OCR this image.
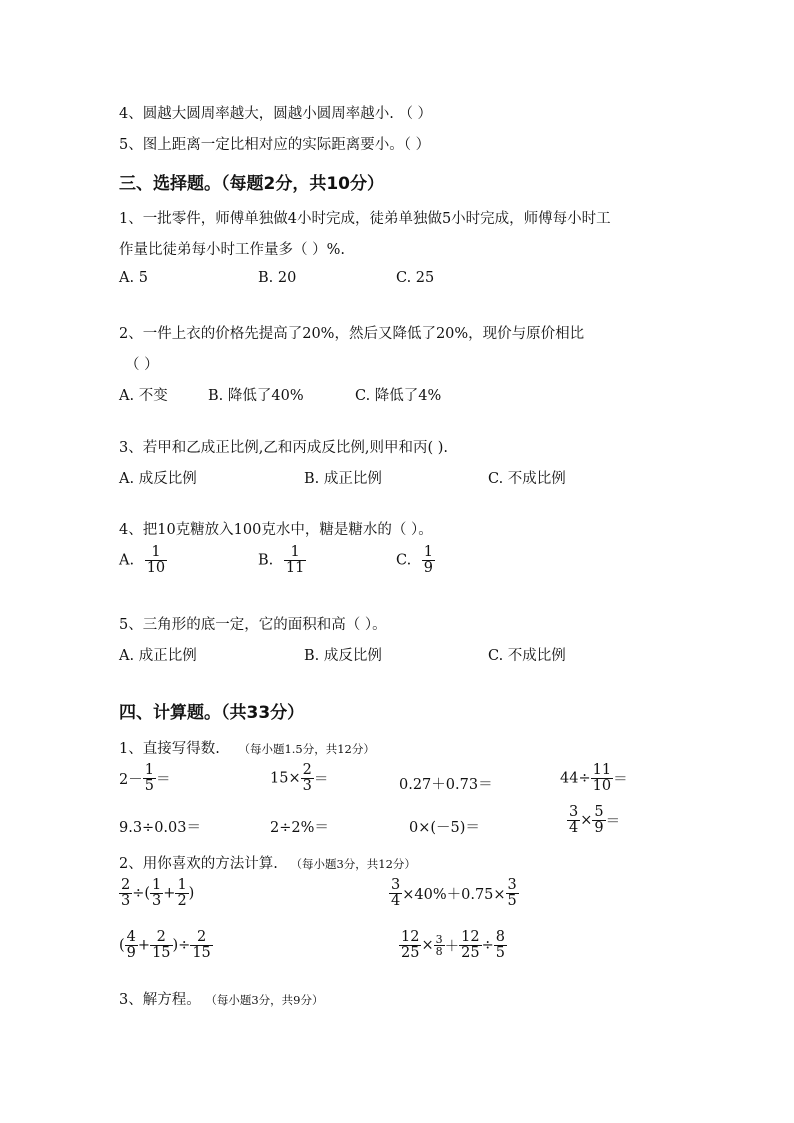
4、圆越大圆周率越大，圆越小圆周率越小. （ ）
5、图上距离一定比相对应的实际距离要小。（ ）
三、选择题。（每题2分，共10分）
1、一批零件，师傅单独做4小时完成，徒弟单独做5小时完成，师傅每小时工
作量比徒弟每小时工作量多（ ）%.
A. 5	B. 20	C. 25
2、一件上衣的价格先提高了20%，然后又降低了20%，现价与原价相比
（ ）
A. 不变	B. 降低了40%	C. 降低了4%
3、若甲和乙成正比例,乙和丙成反比例,则甲和丙( ).
A. 成反比例	B. 成正比例	C. 不成比例
4、把10克糖放入100克水中，糖是糖水的（ ）。
A. $\frac{1}{10}$	B. $\frac{1}{11}$	C. $\frac{1}{9}$
5、三角形的底一定，它的面积和高（ ）。
A. 成正比例	B. 成反比例	C. 不成比例
四、计算题。（共33分）
1、直接写得数. （每小题1.5分，共12分）
$2- \frac{1}{5}$ ＝	$15\times \frac{2}{3}$ ＝	0.27＋0.73＝	$44\div \frac{11}{10}$ ＝
9.3÷0.03＝	2÷2%＝	0×(－5)＝	$\frac{3}{4} \times \frac{5}{9}$ ＝
2、用你喜欢的方法计算. （每小题3分，共12分）
$\frac{2}{3}$ ÷( $\frac{1}{3} + \frac{1}{2}$ )	$\frac{3}{4} \times 40\%+0.75\times \frac{3}{5}$
( $\frac{4}{9} + \frac{2}{15}$ )÷ $\frac{2}{15}$	$\frac{12}{25} \times \frac{3}{8} + \frac{12}{25} \div \frac{8}{5}$
3、解方程。 （每小题3分，共9分）
